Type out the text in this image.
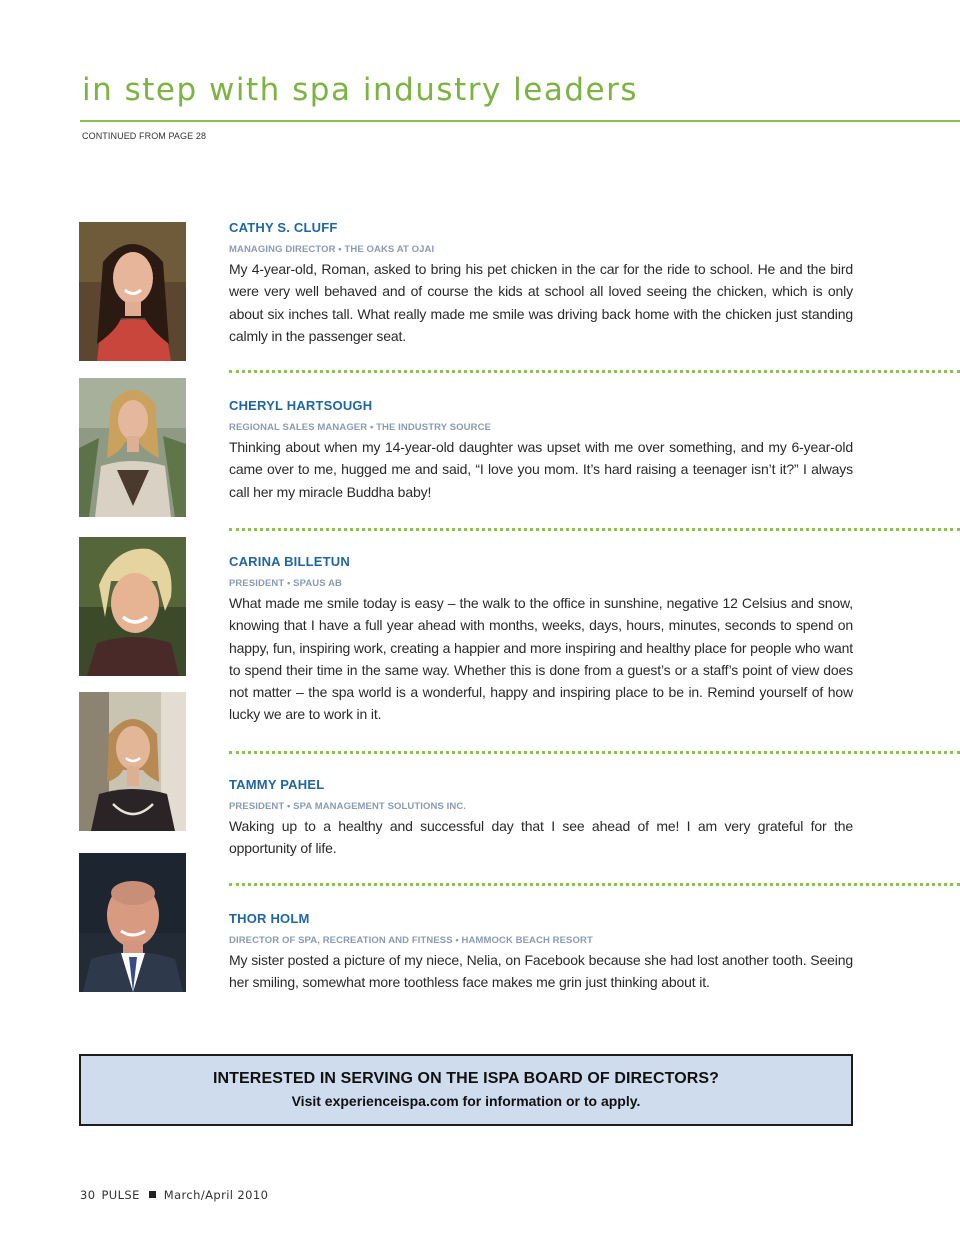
in step with spa industry leaders
CONTINUED FROM PAGE 28
CATHY S. CLUFF
MANAGING DIRECTOR • THE OAKS AT OJAI
My 4-year-old, Roman, asked to bring his pet chicken in the car for the ride to school. He and the bird were very well behaved and of course the kids at school all loved seeing the chicken, which is only about six inches tall. What really made me smile was driving back home with the chicken just standing calmly in the passenger seat.
CHERYL HARTSOUGH
REGIONAL SALES MANAGER • THE INDUSTRY SOURCE
Thinking about when my 14-year-old daughter was upset with me over something, and my 6-year-old came over to me, hugged me and said, “I love you mom. It’s hard raising a teenager isn’t it?” I always call her my miracle Buddha baby!
CARINA BILLETUN
PRESIDENT • SPAUS AB
What made me smile today is easy – the walk to the office in sunshine, negative 12 Celsius and snow, knowing that I have a full year ahead with months, weeks, days, hours, minutes, seconds to spend on happy, fun, inspiring work, creating a happier and more inspiring and healthy place for people who want to spend their time in the same way. Whether this is done from a guest’s or a staff’s point of view does not matter – the spa world is a wonderful, happy and inspiring place to be in. Remind yourself of how lucky we are to work in it.
TAMMY PAHEL
PRESIDENT • SPA MANAGEMENT SOLUTIONS INC.
Waking up to a healthy and successful day that I see ahead of me! I am very grateful for the opportunity of life.
THOR HOLM
DIRECTOR OF SPA, RECREATION AND FITNESS • HAMMOCK BEACH RESORT
My sister posted a picture of my niece, Nelia, on Facebook because she had lost another tooth. Seeing her smiling, somewhat more toothless face makes me grin just thinking about it.
INTERESTED IN SERVING ON THE ISPA BOARD OF DIRECTORS?
Visit experienceispa.com for information or to apply.
30 PULSE March/April 2010
